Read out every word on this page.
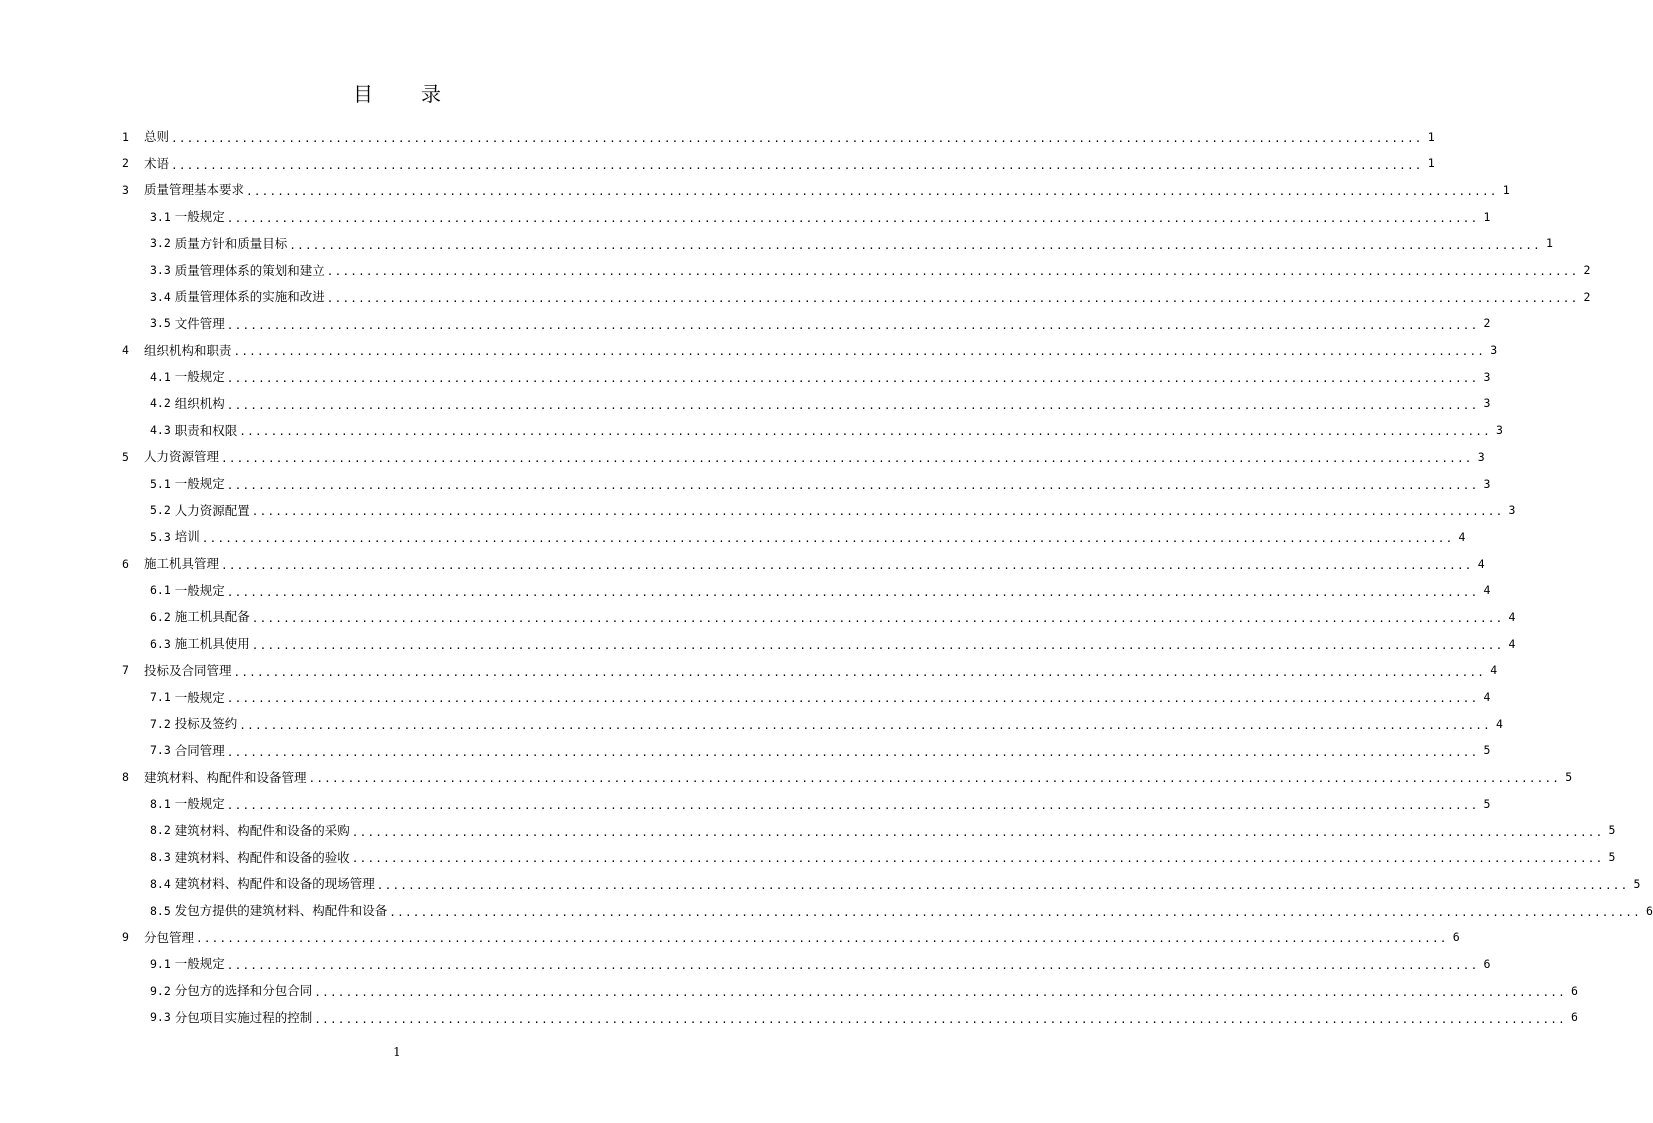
目 录
1	总则 ................................................................................................................................................................ 1
2	术语 ................................................................................................................................................................ 1
3	质量管理基本要求 ................................................................................................................................................................ 1
3.1 一般规定 ................................................................................................................................................................ 1
3.2 质量方针和质量目标 ................................................................................................................................................................ 1
3.3 质量管理体系的策划和建立 ................................................................................................................................................................ 2
3.4 质量管理体系的实施和改进 ................................................................................................................................................................ 2
3.5 文件管理 ................................................................................................................................................................ 2
4	组织机构和职责 ................................................................................................................................................................ 3
4.1 一般规定 ................................................................................................................................................................ 3
4.2 组织机构 ................................................................................................................................................................ 3
4.3 职责和权限 ................................................................................................................................................................ 3
5	人力资源管理 ................................................................................................................................................................ 3
5.1 一般规定 ................................................................................................................................................................ 3
5.2 人力资源配置 ................................................................................................................................................................ 3
5.3 培训 ................................................................................................................................................................ 4
6	施工机具管理 ................................................................................................................................................................ 4
6.1 一般规定 ................................................................................................................................................................ 4
6.2 施工机具配备 ................................................................................................................................................................ 4
6.3 施工机具使用 ................................................................................................................................................................ 4
7	投标及合同管理 ................................................................................................................................................................ 4
7.1 一般规定 ................................................................................................................................................................ 4
7.2 投标及签约 ................................................................................................................................................................ 4
7.3 合同管理 ................................................................................................................................................................ 5
8	建筑材料、构配件和设备管理 ................................................................................................................................................................ 5
8.1 一般规定 ................................................................................................................................................................ 5
8.2 建筑材料、构配件和设备的采购 ................................................................................................................................................................ 5
8.3 建筑材料、构配件和设备的验收 ................................................................................................................................................................ 5
8.4 建筑材料、构配件和设备的现场管理 ................................................................................................................................................................ 5
8.5 发包方提供的建筑材料、构配件和设备 ................................................................................................................................................................ 6
9	分包管理 ................................................................................................................................................................ 6
9.1 一般规定 ................................................................................................................................................................ 6
9.2 分包方的选择和分包合同 ................................................................................................................................................................ 6
9.3 分包项目实施过程的控制 ................................................................................................................................................................ 6
1
